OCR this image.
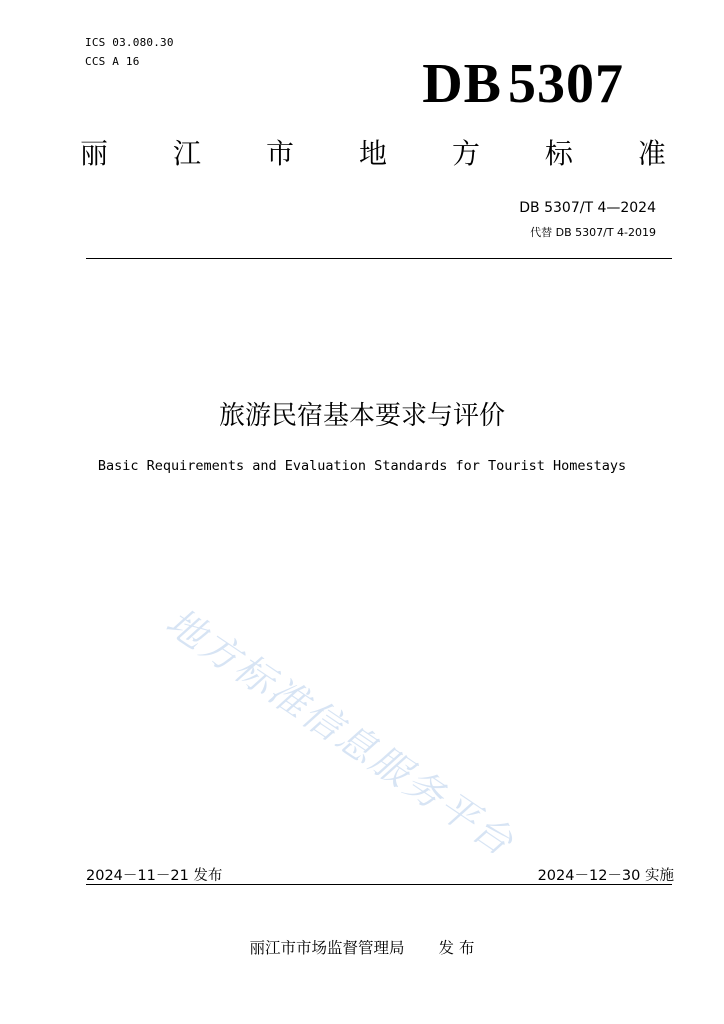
ICS 03.080.30
CCS A 16	DB 5307
丽 江 市 地 方 标 准
DB 5307/T 4—2024
代替 DB 5307/T 4-2019
旅游民宿基本要求与评价
Basic Requirements and Evaluation Standards for Tourist Homestays
地方标准信息服务平台
2024－11－21 发布	2024－12－30 实施
丽江市市场监督管理局 发 布
